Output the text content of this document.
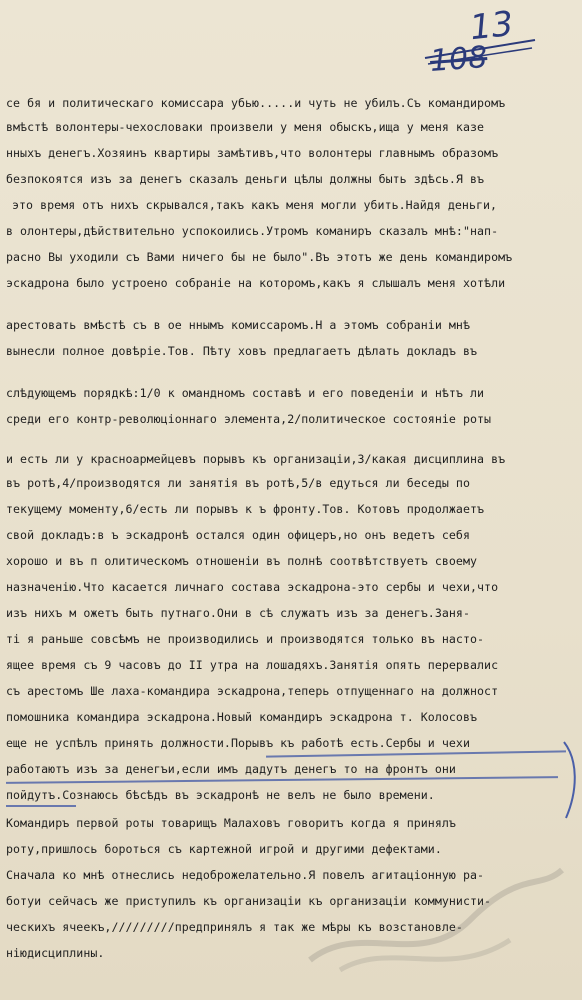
13
108
се бя и политическаго комиссара убью.....и чуть не убилъ.Съ командиромъ
вмѣстѣ волонтеры-чехословаки произвели у меня обыскъ,ища у меня казе
нныхъ денегъ.Хозяинъ квартиры замѣтивъ,что волонтеры главнымъ образомъ
безпокоятся изъ за денегъ сказалъ деньги цѣлы должны быть здѣсь.Я въ
это время отъ нихъ скрывался,такъ какъ меня могли убить.Найдя деньги,
в олонтеры,дѣйствительно успокоились.Утромъ команиръ сказалъ мнѣ:"нап-
расно Вы уходили съ Вами ничего бы не было".Въ этотъ же день командиромъ
эскадрона было устроено собраніе на которомъ,какъ я слышалъ меня хотѣли
арестовать вмѣстѣ съ в ое ннымъ комиссаромъ.Н а этомъ собраніи мнѣ
вынесли полное довѣріе.Тов. Пѣту ховъ предлагаетъ дѣлать докладъ въ
слѣдующемъ порядкѣ:1/0 к омандномъ составѣ и его поведеніи и нѣтъ ли
среди его контр-революціоннаго элемента,2/политическое состояніе роты
и есть ли у красноармейцевъ порывъ къ организаціи,3/какая дисциплина въ
въ ротѣ,4/производятся ли занятія въ ротѣ,5/в едуться ли беседы по
текущему моменту,6/есть ли порывъ к ъ фронту.Тов. Котовъ продолжаетъ
свой докладъ:в ъ эскадронѣ остался один офицеръ,но онъ ведетъ себя
хорошо и въ п олитическомъ отношеніи въ полнѣ соотвѣтствуетъ своему
назначенію.Что касается личнаго состава эскадрона-это сербы и чехи,что
изъ нихъ м ожетъ быть путнаго.Они в сѣ служатъ изъ за денегъ.Заня-
ті я раньше совсѣмъ не производились и производятся только въ насто-
ящее время съ 9 часовъ до II утра на лошадяхъ.Занятія опять перервалис
съ арестомъ Ше лаха-командира эскадрона,теперь отпущеннаго на должност
помошника командира эскадрона.Новый командиръ эскадрона т. Колосовъ
еще не успѣлъ принять должности.Порывъ къ работѣ есть.Сербы и чехи
работаютъ изъ за денегъи,если имъ дадутъ денегъ то на фронтъ они
пойдутъ.Сознаюсь бѣсѣдъ въ эскадронѣ не велъ не было времени.
Командиръ первой роты товарищъ Малаховъ говоритъ когда я принялъ
роту,пришлось бороться съ картежной игрой и другими дефектами.
Сначала ко мнѣ отнеслись недоброжелательно.Я повелъ агитаціонную ра-
ботуи сейчасъ же приступилъ къ организаціи къ организаціи коммунисти-
ческихъ ячеекъ,/////////предпринялъ я так же мѣры къ возстановле-
ніюдисциплины.
